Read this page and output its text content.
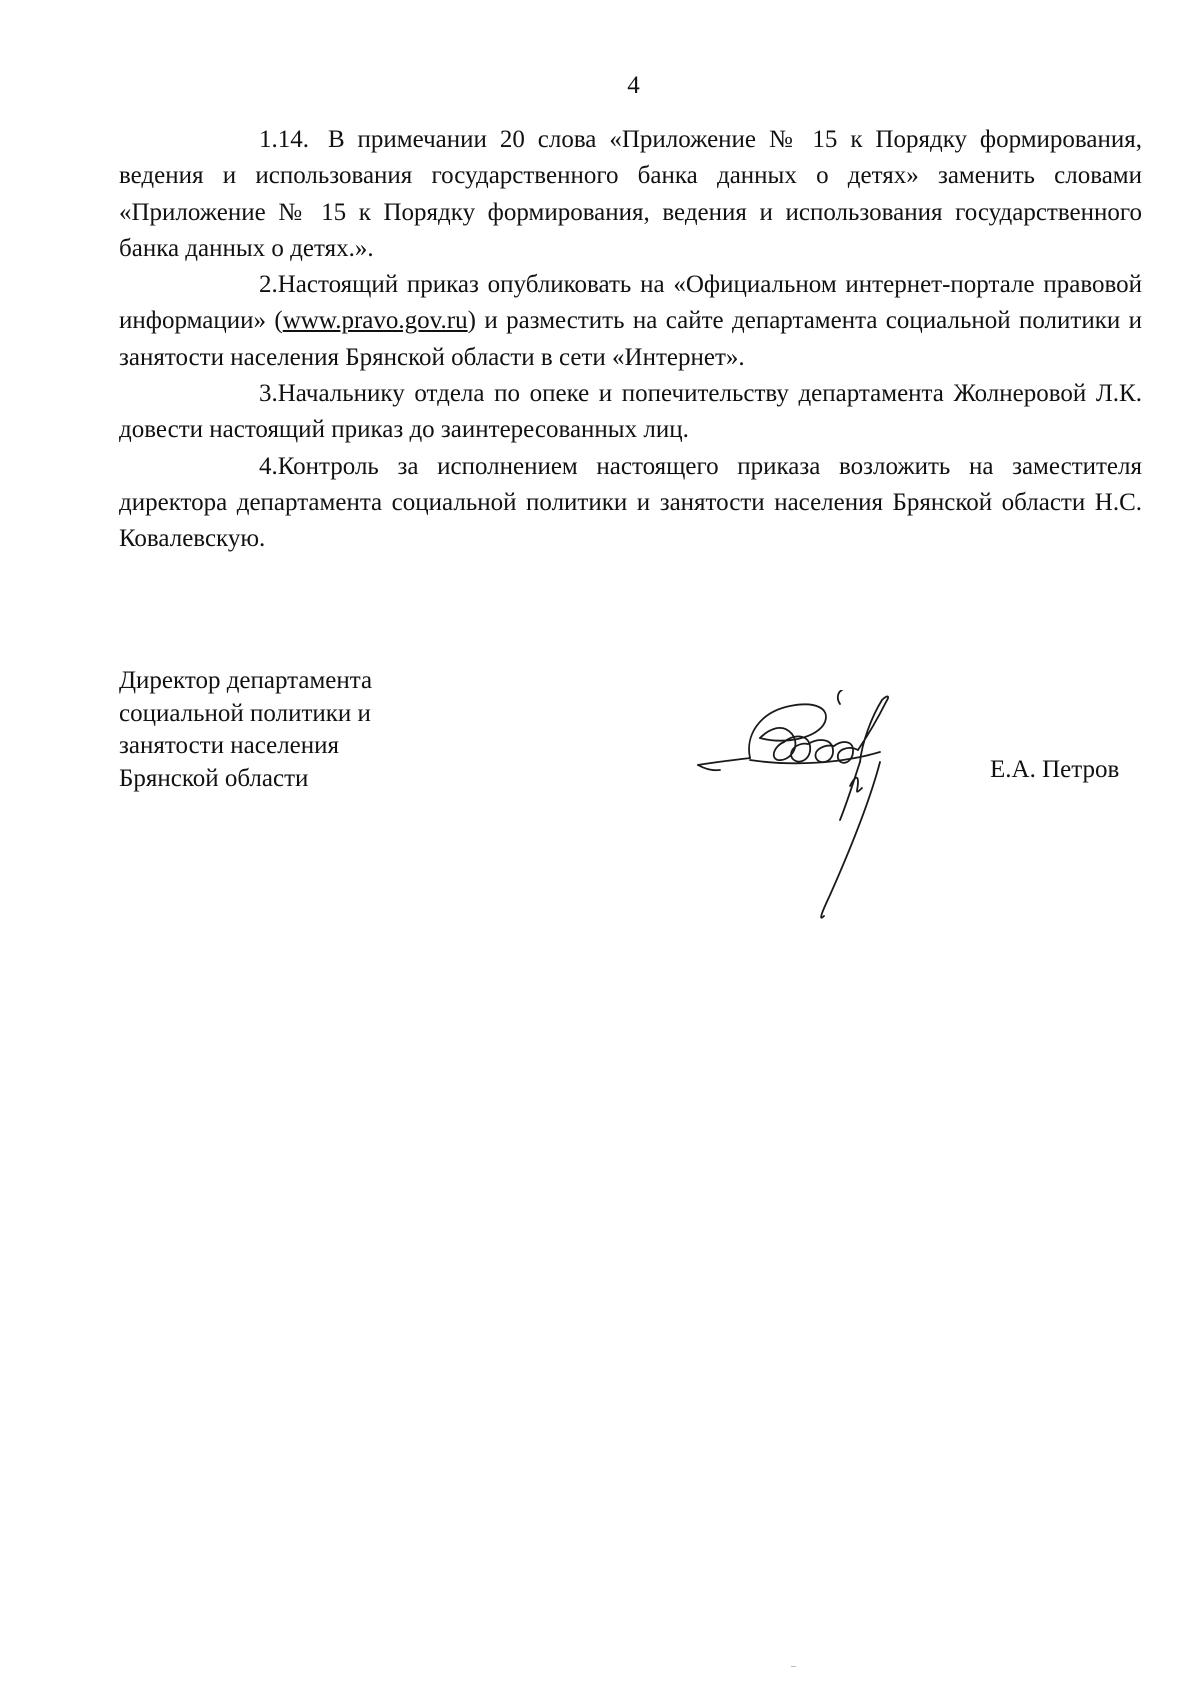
4

1.14. В примечании 20 слова «Приложение № 15 к Порядку формирования, ведения и использования государственного банка данных о детях» заменить словами «Приложение № 15 к Порядку формирования, ведения и использования государственного банка данных о детях.».

2.Настоящий приказ опубликовать на «Официальном интернет-портале правовой информации» (www.pravo.gov.ru) и разместить на сайте департамента социальной политики и занятости населения Брянской области в сети «Интернет».

3.Начальнику отдела по опеке и попечительству департамента Жолнеровой Л.К. довести настоящий приказ до заинтересованных лиц.

4.Контроль за исполнением настоящего приказа возложить на заместителя директора департамента социальной политики и занятости населения Брянской области Н.С. Ковалевскую.

Директор департамента
социальной политики и
занятости населения
Брянской области	Е.А. Петров
